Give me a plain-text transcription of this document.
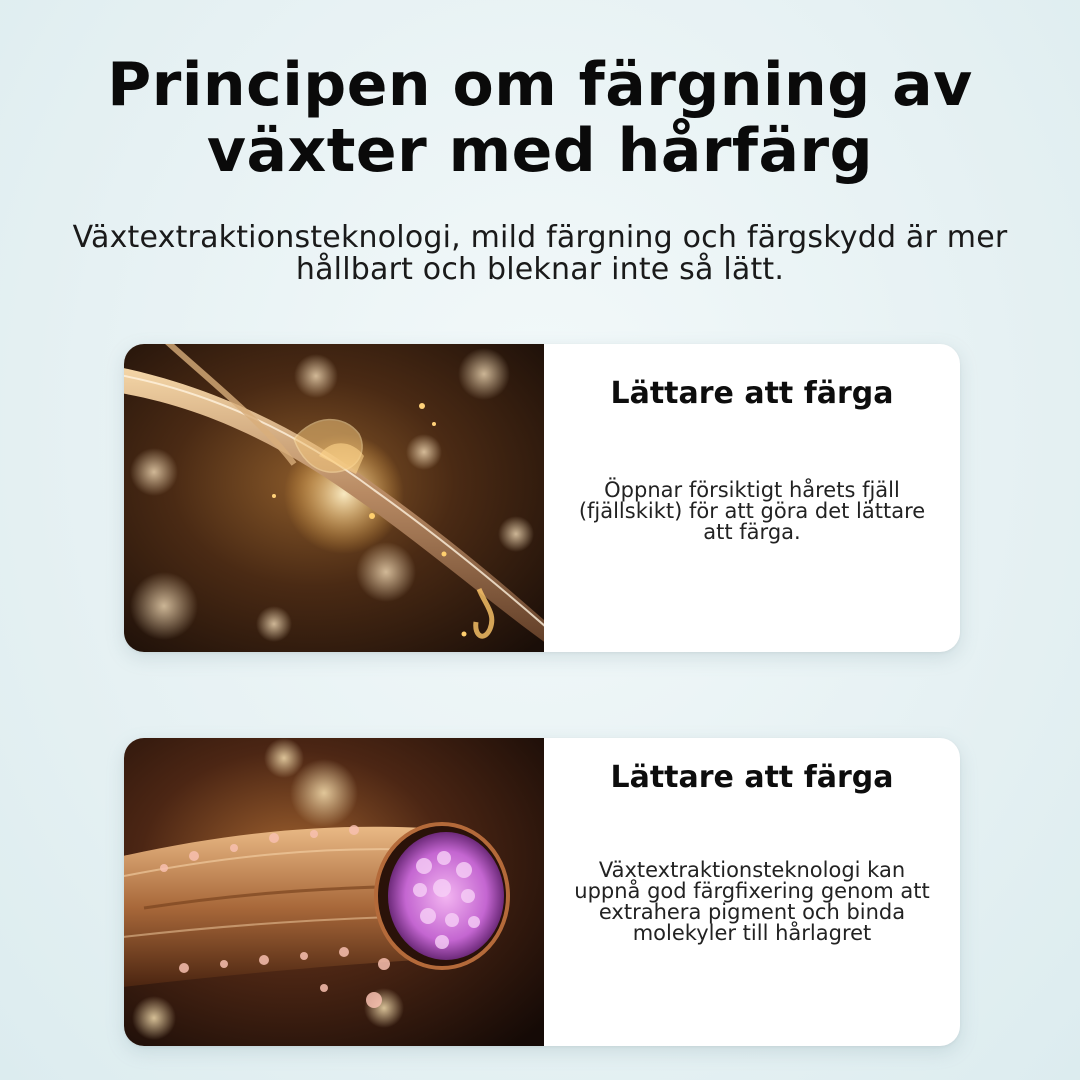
Principen om färgning av växter med hårfärg
Växtextraktionsteknologi, mild färgning och färgskydd är mer hållbart och bleknar inte så lätt.
Lättare att färga

Öppnar försiktigt hårets fjäll (fjällskikt) för att göra det lättare att färga.

Lättare att färga

Växtextraktionsteknologi kan uppnå god färgfixering genom att extrahera pigment och binda molekyler till hårlagret
